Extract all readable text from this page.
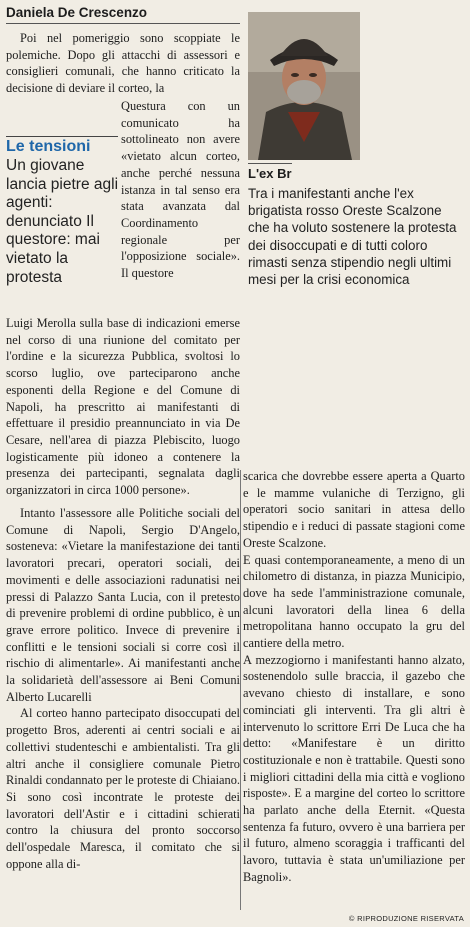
Daniela De Crescenzo

Poi nel pomeriggio sono scoppiate le polemiche. Dopo gli attacchi di assessori e consiglieri comunali, che hanno criticato la decisione di deviare il corteo, la

Le tensioni
Un giovane lancia pietre agli agenti: denunciato Il questore: mai vietato la protesta

Questura con un comunicato ha sottolineato non avere «vietato alcun corteo, anche perché nessuna istanza in tal senso era stata avanzata dal Coordinamento regionale per l'opposizione sociale». Il questore

L'ex Br
Tra i manifestanti anche l'ex brigatista rosso Oreste Scalzone che ha voluto sostenere la protesta dei disoccupati e di tutti coloro rimasti senza stipendio negli ultimi mesi per la crisi economica

Luigi Merolla sulla base di indicazioni emerse nel corso di una riunione del comitato per l'ordine e la sicurezza Pubblica, svoltosi lo scorso luglio, ove parteciparono anche esponenti della Regione e del Comune di Napoli, ha prescritto ai manifestanti di effettuare il presidio preannunciato in via De Cesare, nell'area di piazza Plebiscito, luogo logisticamente più idoneo a contenere la presenza dei partecipanti, segnalata dagli organizzatori in circa 1000 persone».

Intanto l'assessore alle Politiche sociali del Comune di Napoli, Sergio D'Angelo, sosteneva: «Vietare la manifestazione dei tanti lavoratori precari, operatori sociali, dei movimenti e delle associazioni radunatisi nei pressi di Palazzo Santa Lucia, con il pretesto di prevenire problemi di ordine pubblico, è un grave errore politico. Invece di prevenire i conflitti e le tensioni sociali si corre così il rischio di alimentarle». Ai manifestanti anche la solidarietà dell'assessore ai Beni Comuni Alberto Lucarelli

Al corteo hanno partecipato disoccupati del progetto Bros, aderenti ai centri sociali e ai collettivi studenteschi e ambientalisti. Tra gli altri anche il consigliere comunale Pietro Rinaldi condannato per le proteste di Chiaiano. Si sono così incontrate le proteste dei lavoratori dell'Astir e i cittadini schierati contro la chiusura del pronto soccorso dell'ospedale Maresca, il comitato che si oppone alla di-

scarica che dovrebbe essere aperta a Quarto e le mamme vulaniche di Terzigno, gli operatori socio sanitari in attesa dello stipendio e i reduci di passate stagioni come Oreste Scalzone.

E quasi contemporaneamente, a meno di un chilometro di distanza, in piazza Municipio, dove ha sede l'amministrazione comunale, alcuni lavoratori della linea 6 della metropolitana hanno occupato la gru del cantiere della metro.

A mezzogiorno i manifestanti hanno alzato, sostenendolo sulle braccia, il gazebo che avevano chiesto di installare, e sono cominciati gli interventi. Tra gli altri è intervenuto lo scrittore Erri De Luca che ha detto: «Manifestare è un diritto costituzionale e non è trattabile. Questi sono i migliori cittadini della mia città e vogliono risposte». E a margine del corteo lo scrittore ha parlato anche della Eternit. «Questa sentenza fa futuro, ovvero è una barriera per il futuro, almeno scoraggia i trafficanti del lavoro, tuttavia è stata un'umiliazione per Bagnoli».

© RIPRODUZIONE RISERVATA
